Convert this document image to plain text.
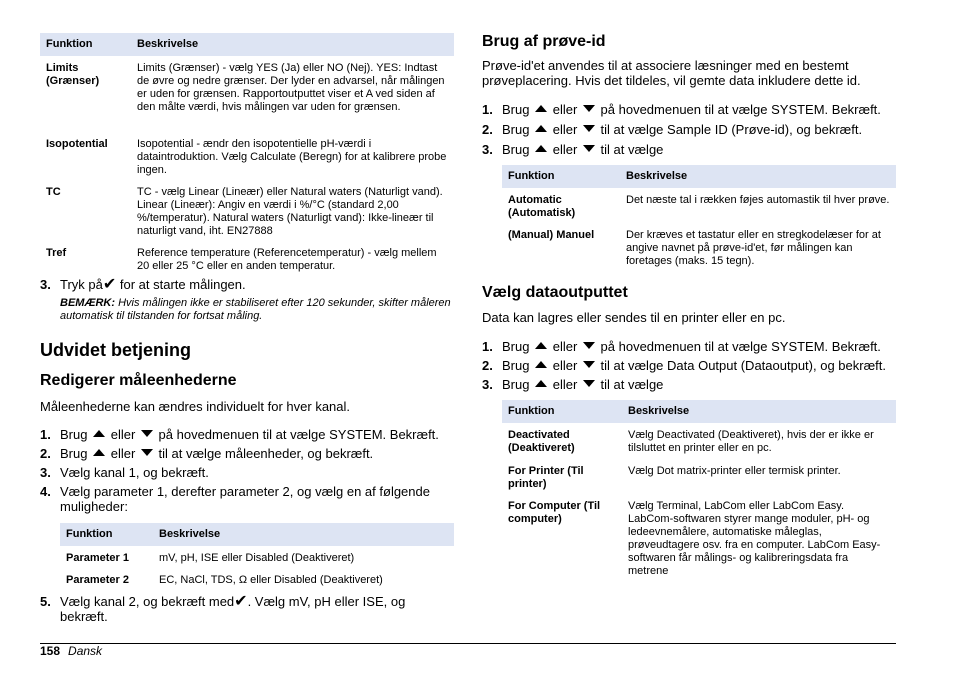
Funktion	Beskrivelse
Limits (Grænser)	Limits (Grænser) - vælg YES (Ja) eller NO (Nej). YES: Indtast de øvre og nedre grænser. Der lyder en advarsel, når målingen er uden for grænsen. Rapportoutputtet viser et A ved siden af den målte værdi, hvis målingen var uden for grænsen.
Isopotential	Isopotential - ændr den isopotentielle pH-værdi i dataintroduktion. Vælg Calculate (Beregn) for at kalibrere probe ingen.
TC	TC - vælg Linear (Lineær) eller Natural waters (Naturligt vand). Linear (Lineær): Angiv en værdi i %/°C (standard 2,00 %/temperatur). Natural waters (Naturligt vand): Ikke-lineær til naturligt vand, iht. EN27888
Tref	Reference temperature (Referencetemperatur) - vælg mellem 20 eller 25 °C eller en anden temperatur.
3. Tryk på✔ for at starte målingen.
BEMÆRK: Hvis målingen ikke er stabiliseret efter 120 sekunder, skifter måleren automatisk til tilstanden for fortsat måling.
Udvidet betjening
Redigerer måleenhederne
Måleenhederne kan ændres individuelt for hver kanal.
1. Brug eller på hovedmenuen til at vælge SYSTEM. Bekræft.
2. Brug eller til at vælge måleenheder, og bekræft.
3. Vælg kanal 1, og bekræft.
4. Vælg parameter 1, derefter parameter 2, og vælg en af følgende muligheder:
Funktion	Beskrivelse
Parameter 1	mV, pH, ISE eller Disabled (Deaktiveret)
Parameter 2	EC, NaCl, TDS, Ω eller Disabled (Deaktiveret)
5. Vælg kanal 2, og bekræft med✔. Vælg mV, pH eller ISE, og bekræft.
Brug af prøve-id
Prøve-id'et anvendes til at associere læsninger med en bestemt prøveplacering. Hvis det tildeles, vil gemte data inkludere dette id.
1. Brug eller på hovedmenuen til at vælge SYSTEM. Bekræft.
2. Brug eller til at vælge Sample ID (Prøve-id), og bekræft.
3. Brug eller til at vælge
Funktion	Beskrivelse
Automatic (Automatisk)	Det næste tal i rækken føjes automastik til hver prøve.
(Manual) Manuel	Der kræves et tastatur eller en stregkodelæser for at angive navnet på prøve-id'et, før målingen kan foretages (maks. 15 tegn).
Vælg dataoutputtet
Data kan lagres eller sendes til en printer eller en pc.
1. Brug eller på hovedmenuen til at vælge SYSTEM. Bekræft.
2. Brug eller til at vælge Data Output (Dataoutput), og bekræft.
3. Brug eller til at vælge
Funktion	Beskrivelse
Deactivated (Deaktiveret)	Vælg Deactivated (Deaktiveret), hvis der er ikke er tilsluttet en printer eller en pc.
For Printer (Til printer)	Vælg Dot matrix-printer eller termisk printer.
For Computer (Til computer)	Vælg Terminal, LabCom eller LabCom Easy. LabCom-softwaren styrer mange moduler, pH- og ledeevnemålere, automatiske måleglas, prøveudtagere osv. fra en computer. LabCom Easy-softwaren får målings- og kalibreringsdata fra metrene
158 Dansk
